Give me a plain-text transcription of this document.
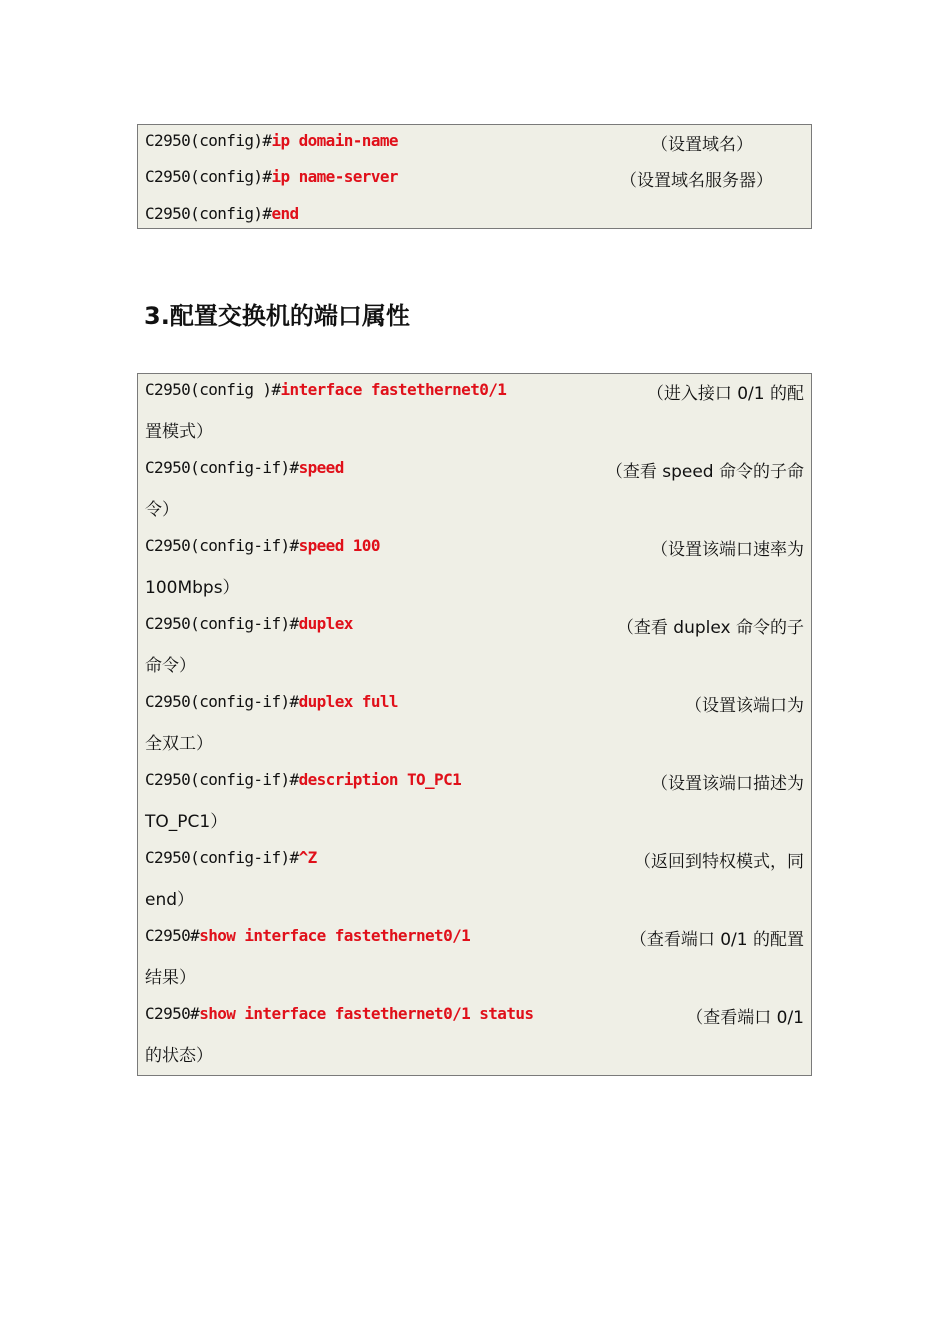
C2950(config)#ip domain-name	（设置域名）
C2950(config)#ip name-server	（设置域名服务器）
C2950(config)#end
3.配置交换机的端口属性
C2950(config )#interface fastethernet0/1	（进入接口 0/1 的配
置模式）
C2950(config-if)#speed	（查看 speed 命令的子命
令）
C2950(config-if)#speed 100	（设置该端口速率为
100Mbps）
C2950(config-if)#duplex	（查看 duplex 命令的子
命令）
C2950(config-if)#duplex full	（设置该端口为
全双工）
C2950(config-if)#description TO_PC1	（设置该端口描述为
TO_PC1）
C2950(config-if)#^Z	（返回到特权模式，同
end）
C2950#show interface fastethernet0/1	（查看端口 0/1 的配置
结果）
C2950#show interface fastethernet0/1 status	（查看端口 0/1
的状态）
